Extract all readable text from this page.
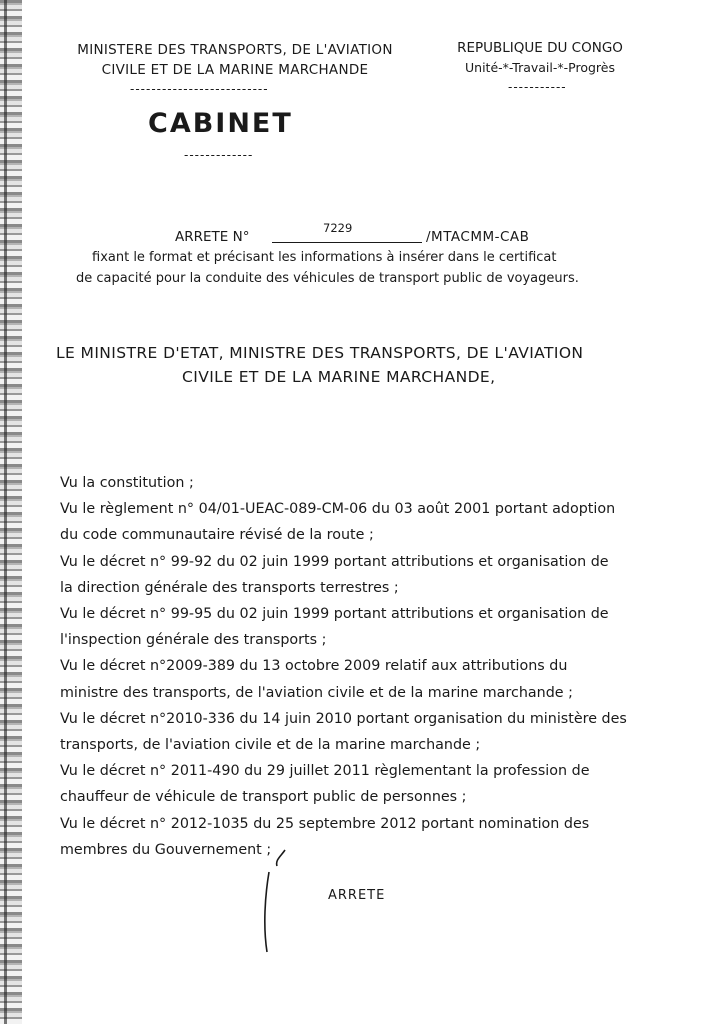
MINISTERE DES TRANSPORTS, DE L'AVIATION
CIVILE ET DE LA MARINE MARCHANDE
--------------------------
REPUBLIQUE DU CONGO
Unité-*-Travail-*-Progrès
-----------
CABINET
-------------
ARRETE N°
7229
/MTACMM-CAB
fixant le format et précisant les informations à insérer dans le certificat
de capacité pour la conduite des véhicules de transport public de voyageurs.
LE MINISTRE D'ETAT, MINISTRE DES TRANSPORTS, DE L'AVIATION
CIVILE ET DE LA MARINE MARCHANDE,
Vu la constitution ;
Vu le règlement n° 04/01-UEAC-089-CM-06 du 03 août 2001 portant adoption
du code communautaire révisé de la route ;
Vu le décret n° 99-92 du 02 juin 1999 portant attributions et organisation de
la direction générale des transports terrestres ;
Vu le décret n° 99-95 du 02 juin 1999 portant attributions et organisation de
l'inspection générale des transports ;
Vu le décret n°2009-389 du 13 octobre 2009 relatif aux attributions du
ministre des transports, de l'aviation civile et de la marine marchande ;
Vu le décret n°2010-336 du 14 juin 2010 portant organisation du ministère des
transports, de l'aviation civile et de la marine marchande ;
Vu le décret n° 2011-490 du 29 juillet 2011 règlementant la profession de
chauffeur de véhicule de transport public de personnes ;
Vu le décret n° 2012-1035 du 25 septembre 2012 portant nomination des
membres du Gouvernement ;
ARRETE
